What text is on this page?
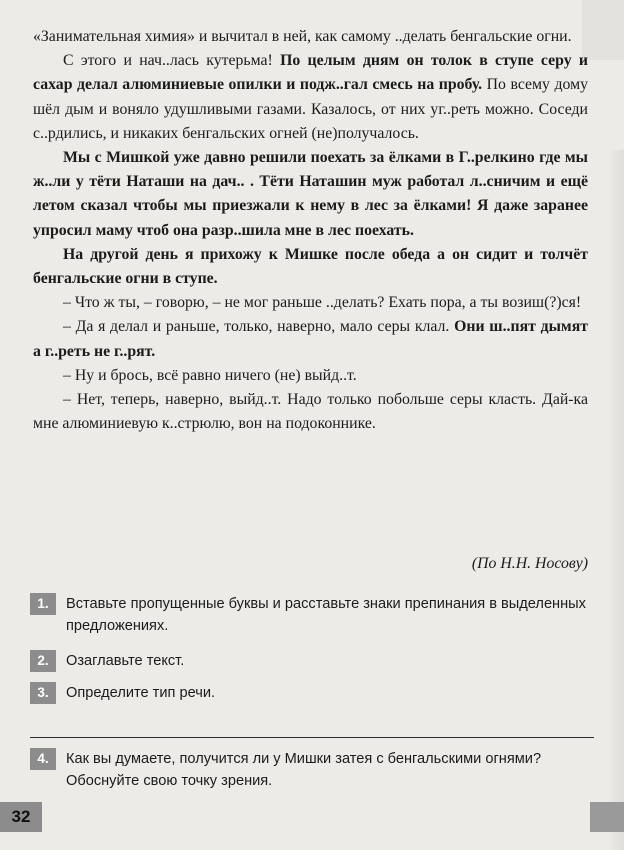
«Занимательная химия» и вычитал в ней, как самому ..делать бенгальские огни.

С этого и нач..лась кутерьма! По целым дням он толок в ступе серу и сахар делал алюминиевые опилки и подж..гал смесь на пробу. По всему дому шёл дым и воняло удушливыми газами. Казалось, от них уг..реть можно. Соседи с..рдились, и никаких бенгальских огней (не)получалось.

Мы с Мишкой уже давно решили поехать за ёлками в Г..релкино где мы ж..ли у тёти Наташи на дач.. . Тёти Наташин муж работал л..сничим и ещё летом сказал чтобы мы приезжали к нему в лес за ёлками! Я даже заранее упросил маму чтоб она разр..шила мне в лес поехать.

На другой день я прихожу к Мишке после обеда а он сидит и толчёт бенгальские огни в ступе.

– Что ж ты, – говорю, – не мог раньше ..делать? Ехать пора, а ты возиш(?)ся!

– Да я делал и раньше, только, наверно, мало серы клал. Они ш..пят дымят а г..реть не г..рят.

– Ну и брось, всё равно ничего (не) выйд..т.

– Нет, теперь, наверно, выйд..т. Надо только побольше серы класть. Дай-ка мне алюминиевую к..стрюлю, вон на подоконнике.

(По Н.Н. Носову)
1.	Вставьте пропущенные буквы и расставьте знаки препинания в выделенных предложениях.
2.	Озаглавьте текст.
3.	Определите тип речи.
4.	Как вы думаете, получится ли у Мишки затея с бенгальскими огнями? Обоснуйте свою точку зрения.
32
